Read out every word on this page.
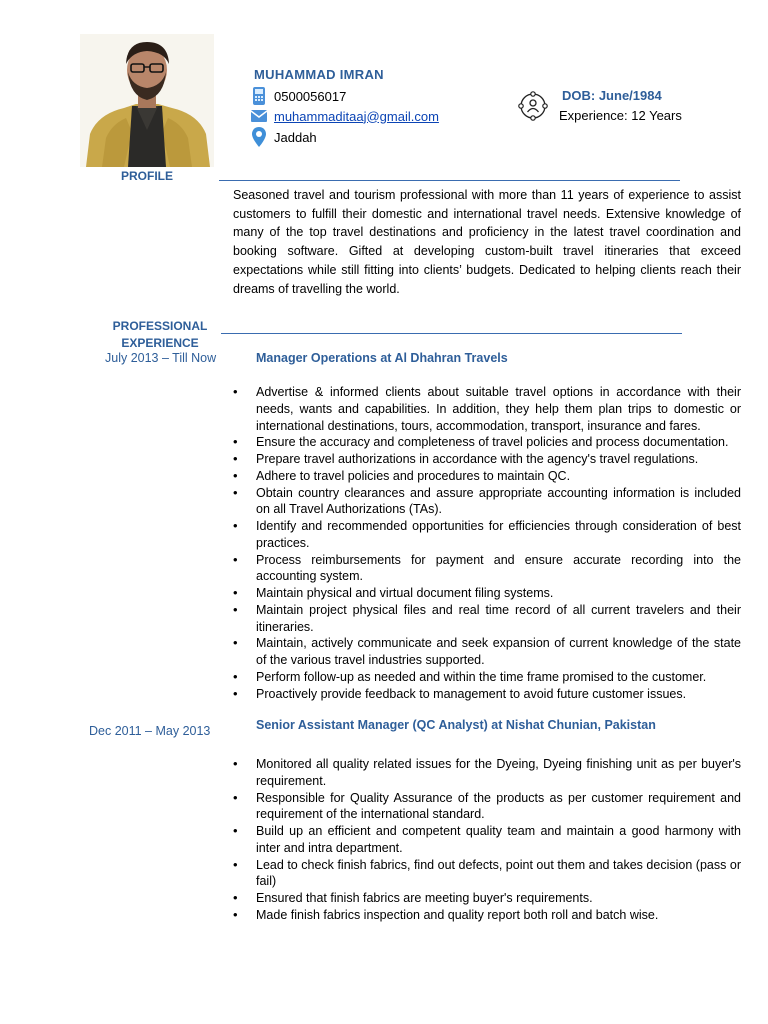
MUHAMMAD IMRAN
0500056017
muhammaditaaj@gmail.com
Jaddah
DOB: June/1984
Experience: 12 Years
PROFILE
Seasoned travel and tourism professional with more than 11 years of experience to assist customers to fulfill their domestic and international travel needs. Extensive knowledge of many of the top travel destinations and proficiency in the latest travel coordination and booking software. Gifted at developing custom-built travel itineraries that exceed expectations while still fitting into clients’ budgets. Dedicated to helping clients reach their dreams of travelling the world.
PROFESSIONAL
EXPERIENCE
July 2013 – Till Now	Manager Operations at Al Dhahran Travels
• Advertise & informed clients about suitable travel options in accordance with their needs, wants and capabilities. In addition, they help them plan trips to domestic or international destinations, tours, accommodation, transport, insurance and fares.
• Ensure the accuracy and completeness of travel policies and process documentation.
• Prepare travel authorizations in accordance with the agency's travel regulations.
• Adhere to travel policies and procedures to maintain QC.
• Obtain country clearances and assure appropriate accounting information is included on all Travel Authorizations (TAs).
• Identify and recommended opportunities for efficiencies through consideration of best practices.
• Process reimbursements for payment and ensure accurate recording into the accounting system.
• Maintain physical and virtual document filing systems.
• Maintain project physical files and real time record of all current travelers and their itineraries.
• Maintain, actively communicate and seek expansion of current knowledge of the state of the various travel industries supported.
• Perform follow-up as needed and within the time frame promised to the customer.
• Proactively provide feedback to management to avoid future customer issues.
Dec 2011 – May 2013	Senior Assistant Manager (QC Analyst) at Nishat Chunian, Pakistan
• Monitored all quality related issues for the Dyeing, Dyeing finishing unit as per buyer's requirement.
• Responsible for Quality Assurance of the products as per customer requirement and requirement of the international standard.
• Build up an efficient and competent quality team and maintain a good harmony with inter and intra department.
• Lead to check finish fabrics, find out defects, point out them and takes decision (pass or fail)
• Ensured that finish fabrics are meeting buyer's requirements.
• Made finish fabrics inspection and quality report both roll and batch wise.
